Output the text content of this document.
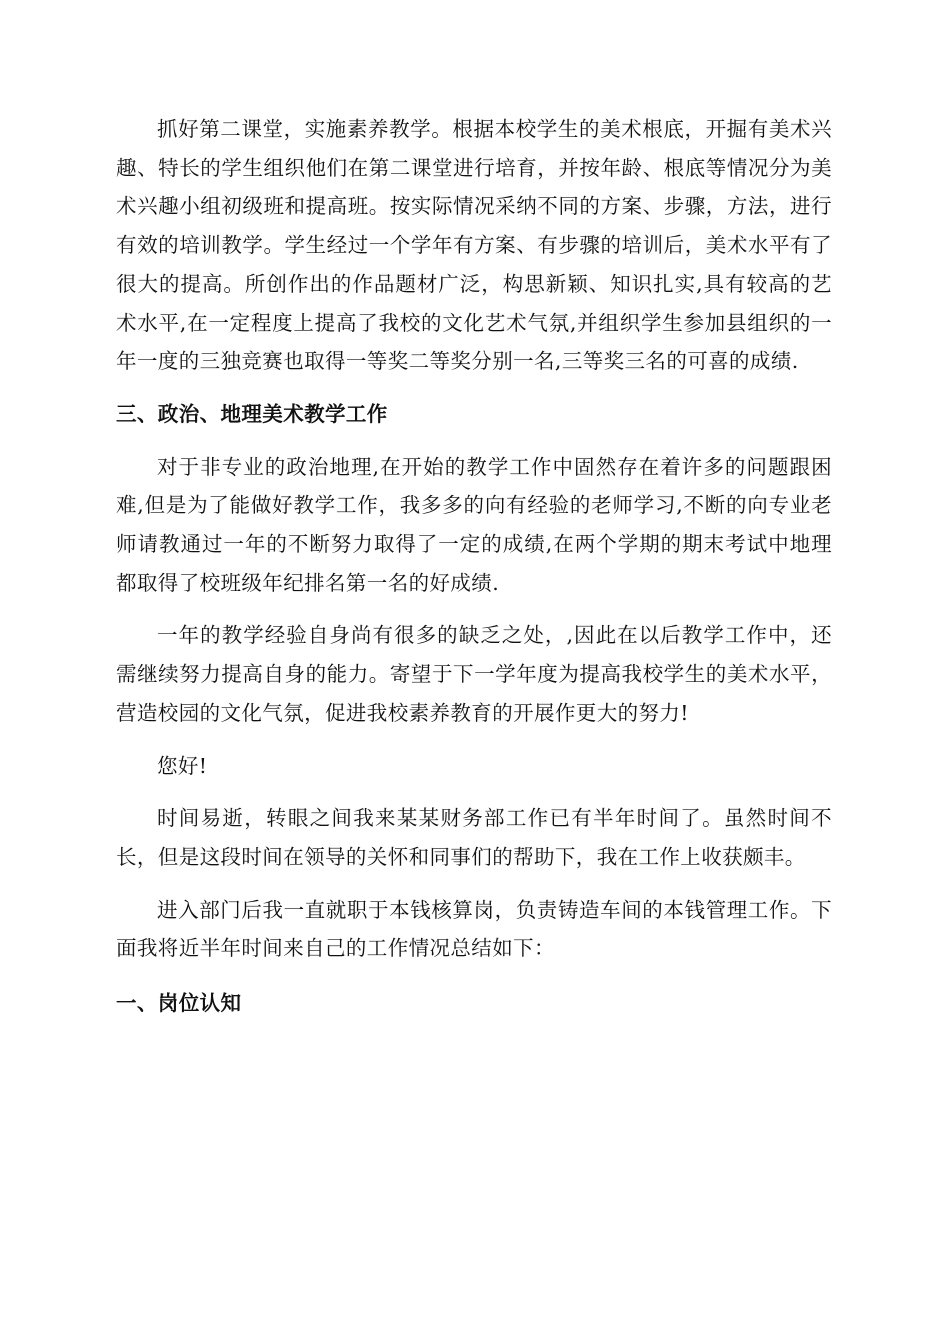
抓好第二课堂，实施素养教学。根据本校学生的美术根底，开掘有美术兴趣、特长的学生组织他们在第二课堂进行培育，并按年龄、根底等情况分为美术兴趣小组初级班和提高班。按实际情况采纳不同的方案、步骤，方法，进行有效的培训教学。学生经过一个学年有方案、有步骤的培训后，美术水平有了很大的提高。所创作出的作品题材广泛，构思新颖、知识扎实,具有较高的艺术水平,在一定程度上提高了我校的文化艺术气氛,并组织学生参加县组织的一年一度的三独竞赛也取得一等奖二等奖分别一名,三等奖三名的可喜的成绩.

三、政治、地理美术教学工作

对于非专业的政治地理,在开始的教学工作中固然存在着许多的问题跟困难,但是为了能做好教学工作，我多多的向有经验的老师学习,不断的向专业老师请教通过一年的不断努力取得了一定的成绩,在两个学期的期末考试中地理都取得了校班级年纪排名第一名的好成绩.

一年的教学经验自身尚有很多的缺乏之处，,因此在以后教学工作中，还需继续努力提高自身的能力。寄望于下一学年度为提高我校学生的美术水平，营造校园的文化气氛，促进我校素养教育的开展作更大的努力!

您好!

时间易逝，转眼之间我来某某财务部工作已有半年时间了。虽然时间不长，但是这段时间在领导的关怀和同事们的帮助下，我在工作上收获颇丰。

进入部门后我一直就职于本钱核算岗，负责铸造车间的本钱管理工作。下面我将近半年时间来自己的工作情况总结如下：

一、岗位认知
